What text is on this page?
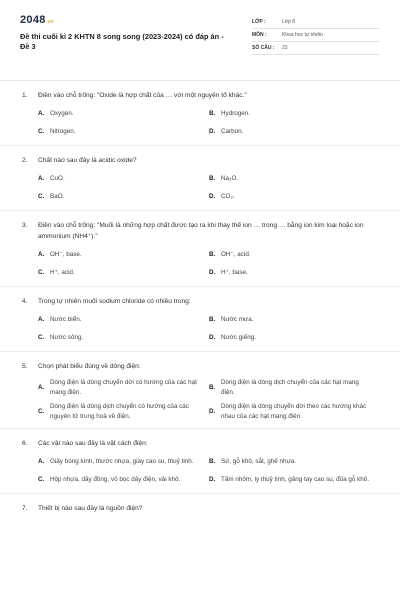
2048.vn
Đề thi cuối kì 2 KHTN 8 song song (2023-2024) có đáp án - Đề 3
LỚP :	Lớp 8
MÔN :	Khoa học tự nhiên
SỐ CÂU :	23
1.	Điền vào chỗ trống: "Oxide là hợp chất của … với một nguyên tố khác."
A. Oxygen.	B. Hydrogen.
C. Nitrogen.	D. Carbon.
2.	Chất nào sau đây là acidic oxide?
A. CuO.	B. Na₂O.
C. BaO.	D. CO₂.
3.	Điền vào chỗ trống: "Muối là những hợp chất được tạo ra khi thay thế ion … trong … bằng ion kim loại hoặc ion ammonium (NH4⁺)."
A. OH⁻, base.	B. OH⁻, acid.
C. H⁺, acid.	D. H⁺, base.
4.	Trong tự nhiên muối sodium chloride có nhiều trong:
A. Nước biển.	B. Nước mưa.
C. Nước sông.	D. Nước giếng.
5.	Chọn phát biểu đúng về dòng điện:
A.
Dòng điện là dòng chuyển dời có hướng của các hạt mang điện.
B.
Dòng điện là dòng dịch chuyển của các hạt mang điện.
C.
Dòng điện là dòng dịch chuyển có hướng của các nguyên tử trung hoà về điện.
D.
Dòng điện là dòng chuyển dời theo các hướng khác nhau của các hạt mang điện.
6.	Các vật nào sau đây là vật cách điện:
A. Giấy bóng kính, thước nhựa, giày cao su, thuỷ tinh.	B. Sứ, gỗ khô, sắt, ghế nhựa.
C. Hộp nhựa, dây đồng, vỏ bọc dây điện, vải khô.	D. Tấm nhôm, ly thuỷ tinh, găng tay cao su, đũa gỗ khô.
7.	Thiết bị nào sau đây là nguồn điện?
